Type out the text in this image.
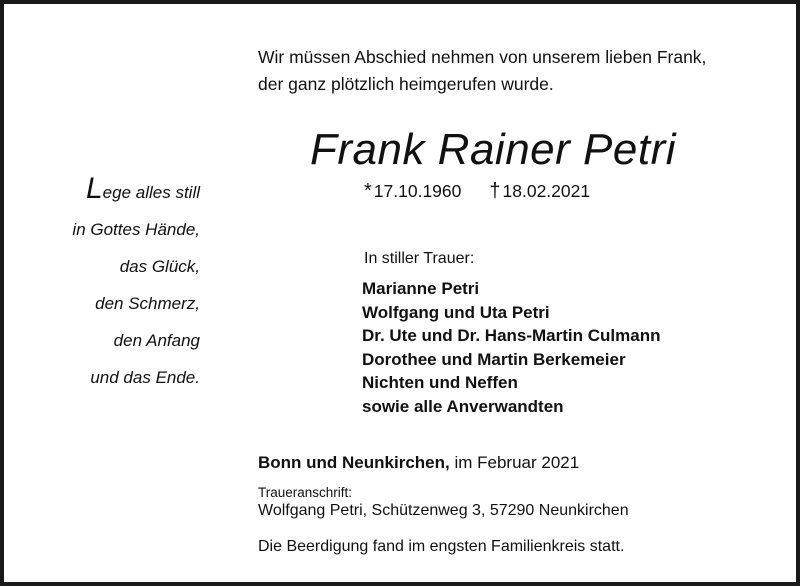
Wir müssen Abschied nehmen von unserem lieben Frank,
der ganz plötzlich heimgerufen wurde.
Frank Rainer Petri
* 17.10.1960 † 18.02.2021
Lege alles still
in Gottes Hände,
das Glück,
den Schmerz,
den Anfang
und das Ende.
In stiller Trauer:
Marianne Petri
Wolfgang und Uta Petri
Dr. Ute und Dr. Hans-Martin Culmann
Dorothee und Martin Berkemeier
Nichten und Neffen
sowie alle Anverwandten
Bonn und Neunkirchen, im Februar 2021
Traueranschrift:
Wolfgang Petri, Schützenweg 3, 57290 Neunkirchen
Die Beerdigung fand im engsten Familienkreis statt.
